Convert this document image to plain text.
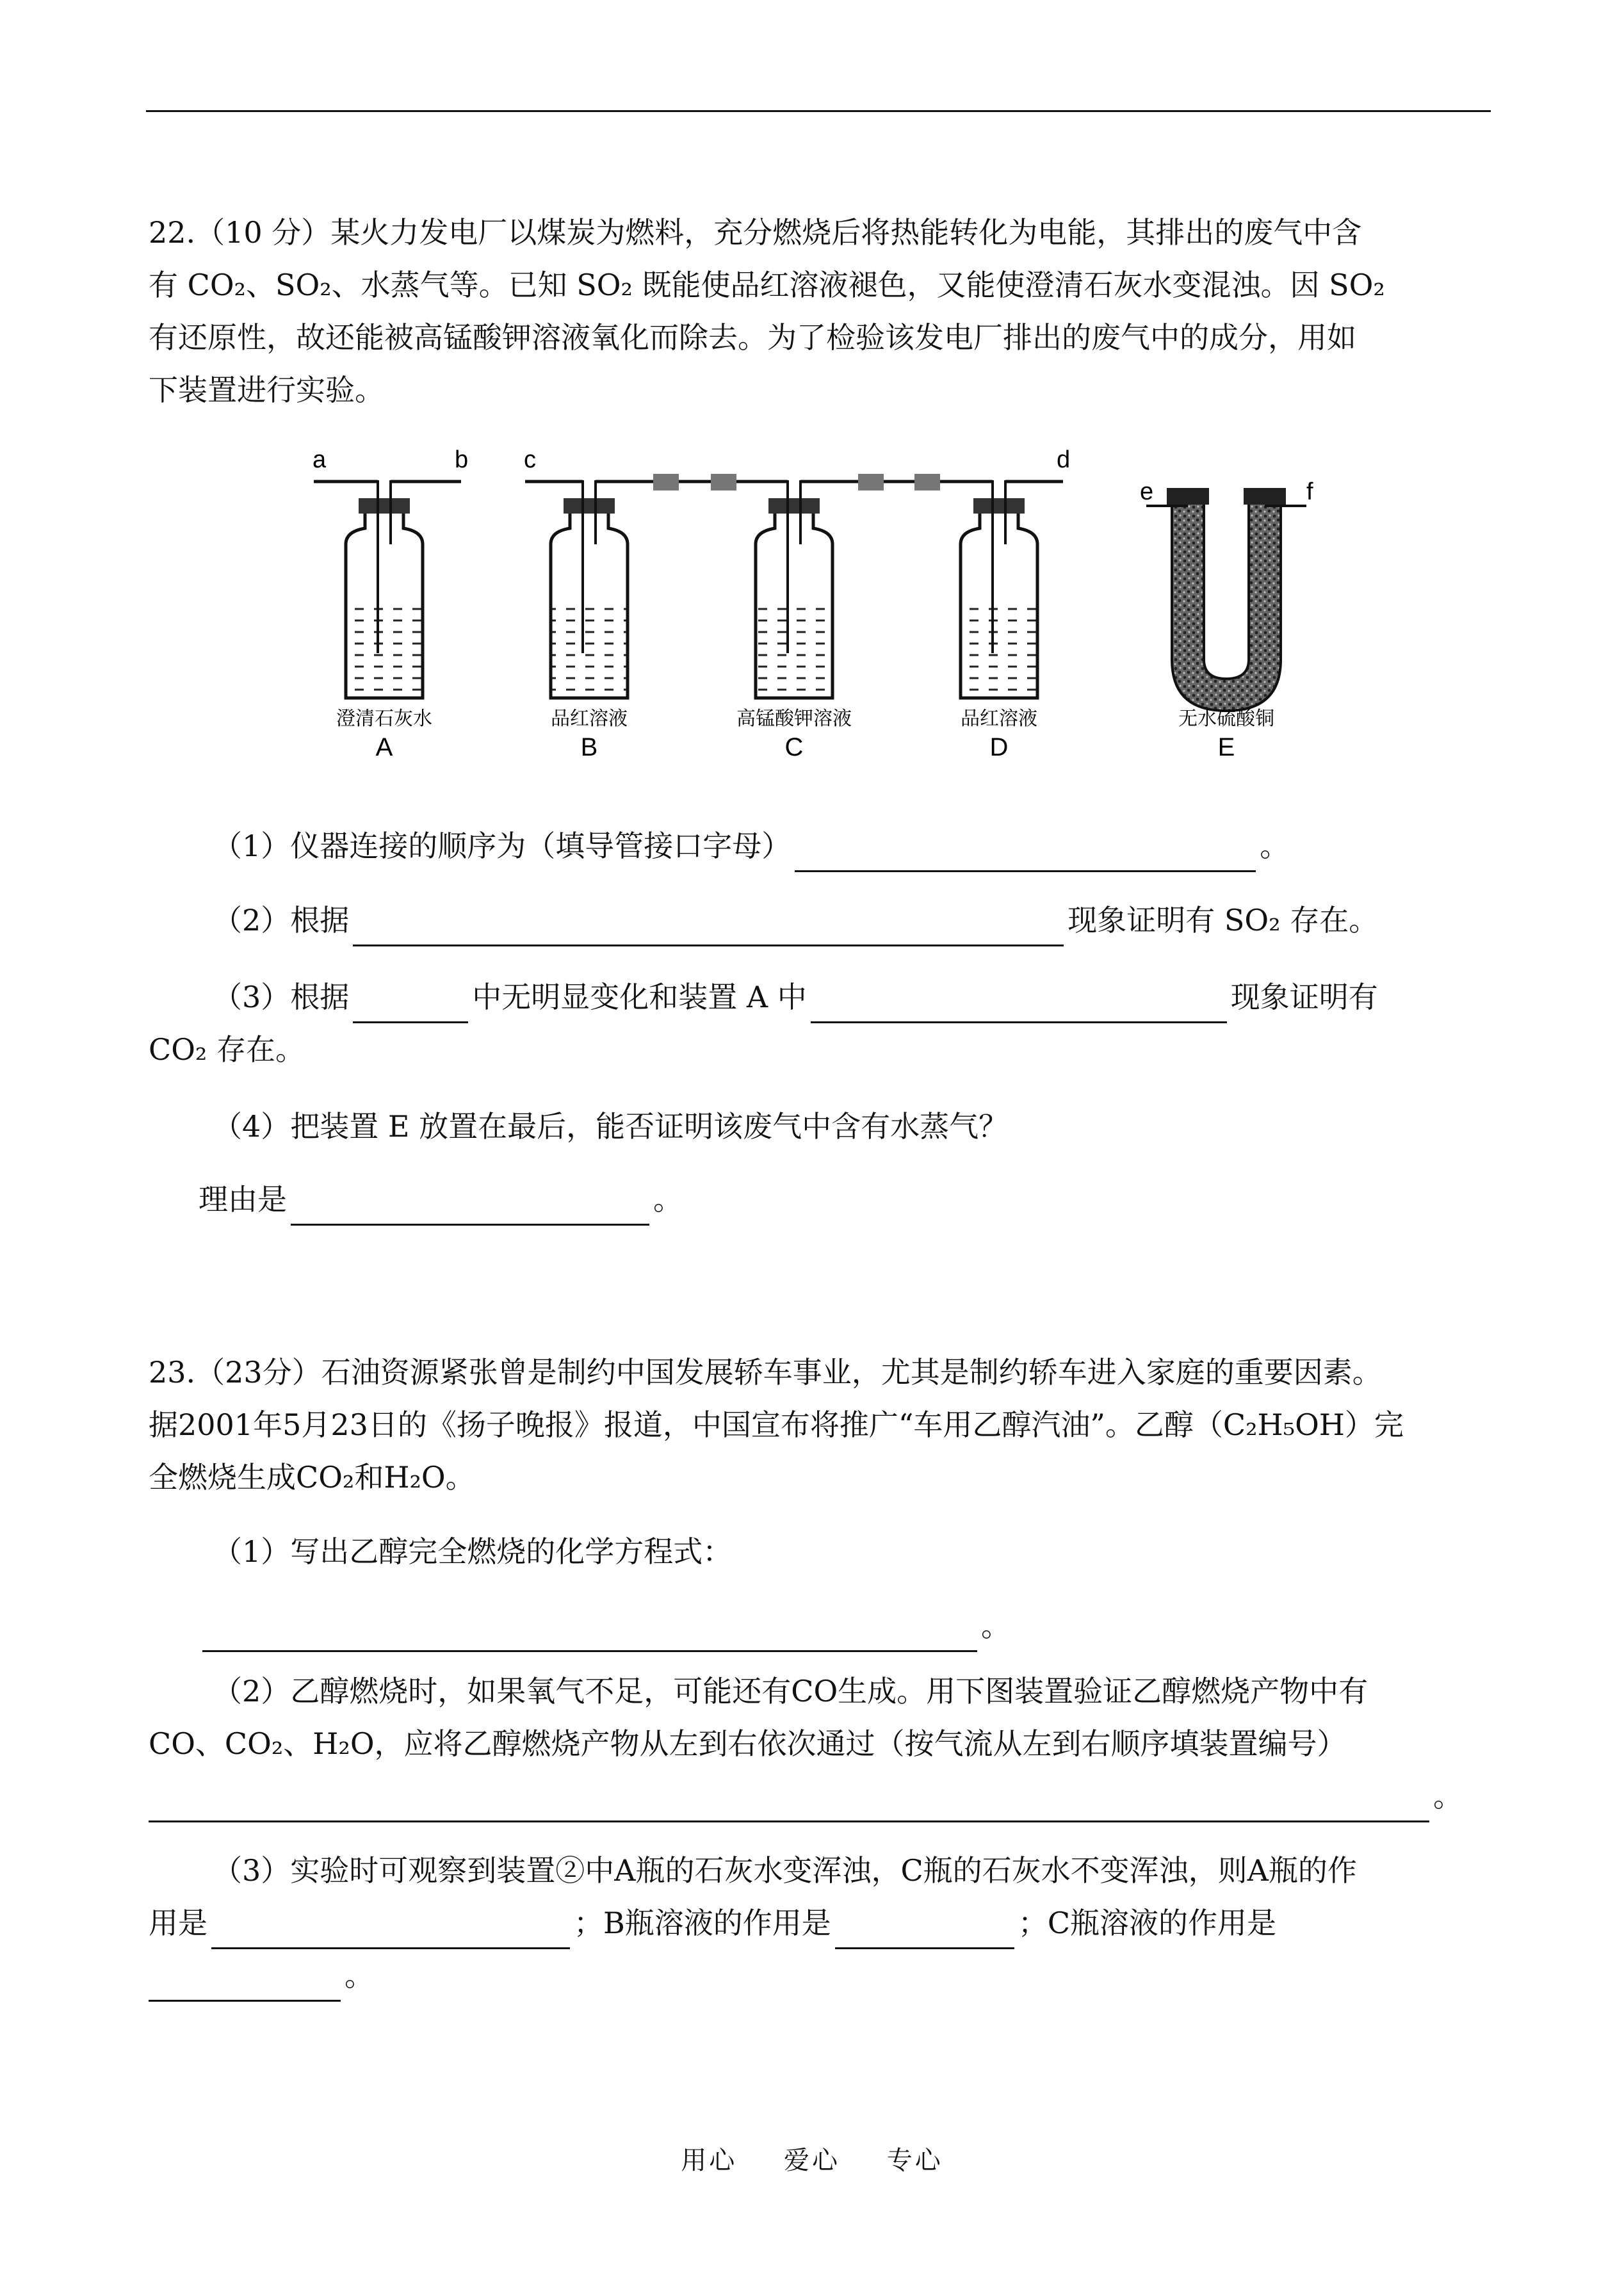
22.（10 分）某火力发电厂以煤炭为燃料，充分燃烧后将热能转化为电能，其排出的废气中含

有 CO₂、SO₂、水蒸气等。已知 SO₂ 既能使品红溶液褪色，又能使澄清石灰水变混浊。因 SO₂

有还原性，故还能被高锰酸钾溶液氧化而除去。为了检验该发电厂排出的废气中的成分，用如

下装置进行实验。

a	b
澄清石灰水
A
c
品红溶液
B
高锰酸钾溶液
C
d
品红溶液
D
e	f
无水硫酸铜
E
（1）仪器连接的顺序为（填导管接口字母）	。
（2）根据	现象证明有 SO₂ 存在。
（3）根据	中无明显变化和装置 A 中	现象证明有
CO₂ 存在。
（4）把装置 E 放置在最后，能否证明该废气中含有水蒸气？
理由是	。

23.（23分）石油资源紧张曾是制约中国发展轿车事业，尤其是制约轿车进入家庭的重要因素。

据2001年5月23日的《扬子晚报》报道，中国宣布将推广“车用乙醇汽油”。乙醇（C₂H₅OH）完

全燃烧生成CO₂和H₂O。

（1）写出乙醇完全燃烧的化学方程式：
。
（2）乙醇燃烧时，如果氧气不足，可能还有CO生成。用下图装置验证乙醇燃烧产物中有
CO、CO₂、H₂O，应将乙醇燃烧产物从左到右依次通过（按气流从左到右顺序填装置编号）
。
（3）实验时可观察到装置②中A瓶的石灰水变浑浊，C瓶的石灰水不变浑浊，则A瓶的作
用是	；B瓶溶液的作用是	；C瓶溶液的作用是
。
用心 爱心 专心
